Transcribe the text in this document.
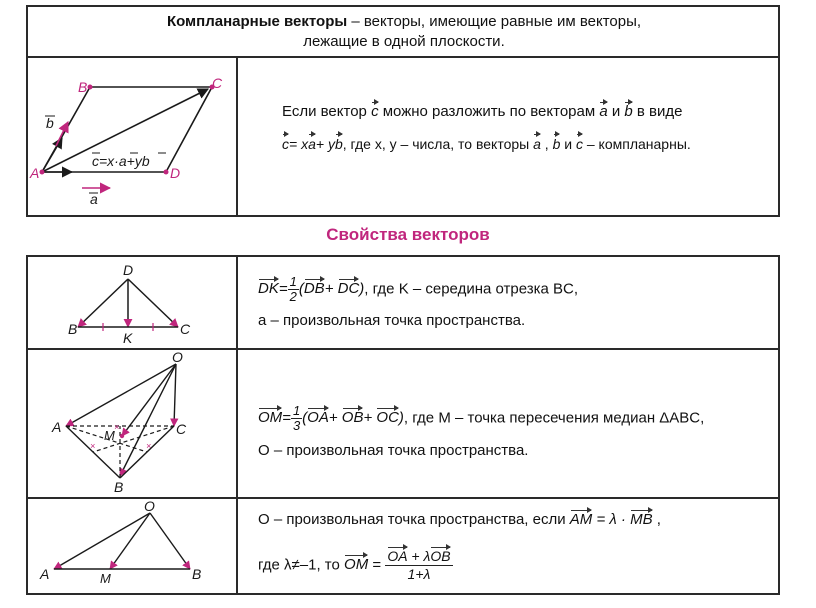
Компланарные векторы – векторы, имеющие равные им векторы,
лежащие в одной плоскости.
A
B	C
D
b
a
c=x·a+yb
Если вектор c можно разложить по векторам a и b в виде
c= xa+ yb, где x, y – числа, то векторы a , b и c – компланарны.
Свойства векторов
D
B	C
K
$DK= \frac{1}{2} (DB+ DC)$, где K – середина отрезка BC,
a – произвольная точка пространства.
×	×
×
O
A
M	C
B
$OM= \frac{1}{3} (OA+ OB+ OC)$, где M – точка пересечения медиан ΔABC,
O – произвольная точка пространства.
O
A	M	B
O – произвольная точка пространства, если AM = λ · MB ,
где λ≠–1, то OM = $\frac{\text{OA + λOB}}{1+\lambda}$
